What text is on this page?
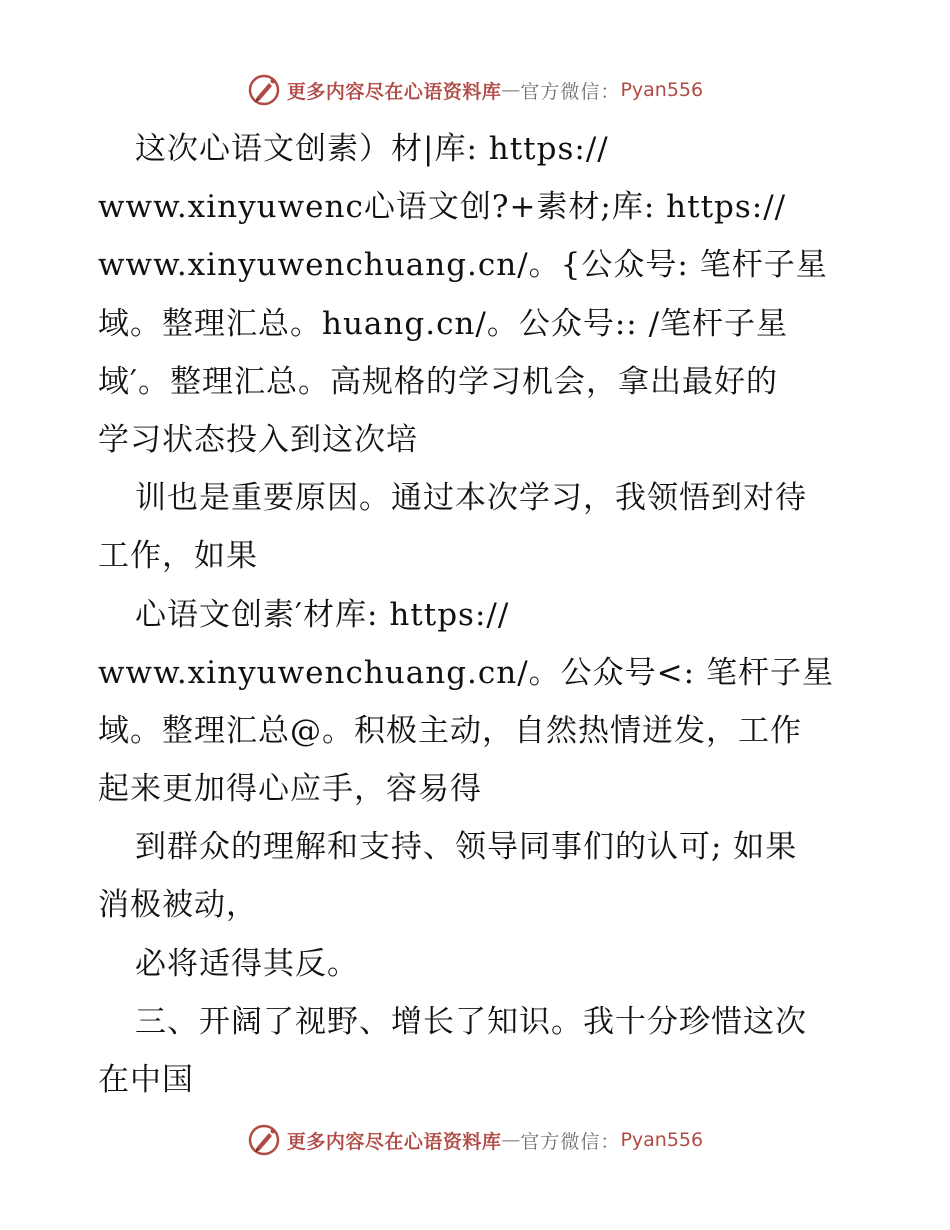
更多内容尽在心语资料库 — 官方微信： Pyan556
这次心语文创素）材|库: https://
www.xinyuwenc心语文创?+素材;库: https://
www.xinyuwenchuang.cn/。{公众号: 笔杆子星
域。整理汇总。huang.cn/。公众号:: /笔杆子星
域′。整理汇总。高规格的学习机会，拿出最好的
学习状态投入到这次培
训也是重要原因。通过本次学习，我领悟到对待
工作，如果
心语文创素′材库: https://
www.xinyuwenchuang.cn/。公众号<: 笔杆子星
域。整理汇总@。积极主动，自然热情迸发，工作
起来更加得心应手，容易得
到群众的理解和支持、领导同事们的认可; 如果
消极被动，
必将适得其反。
三、开阔了视野、增长了知识。我十分珍惜这次
在中国
更多内容尽在心语资料库 — 官方微信： Pyan556
